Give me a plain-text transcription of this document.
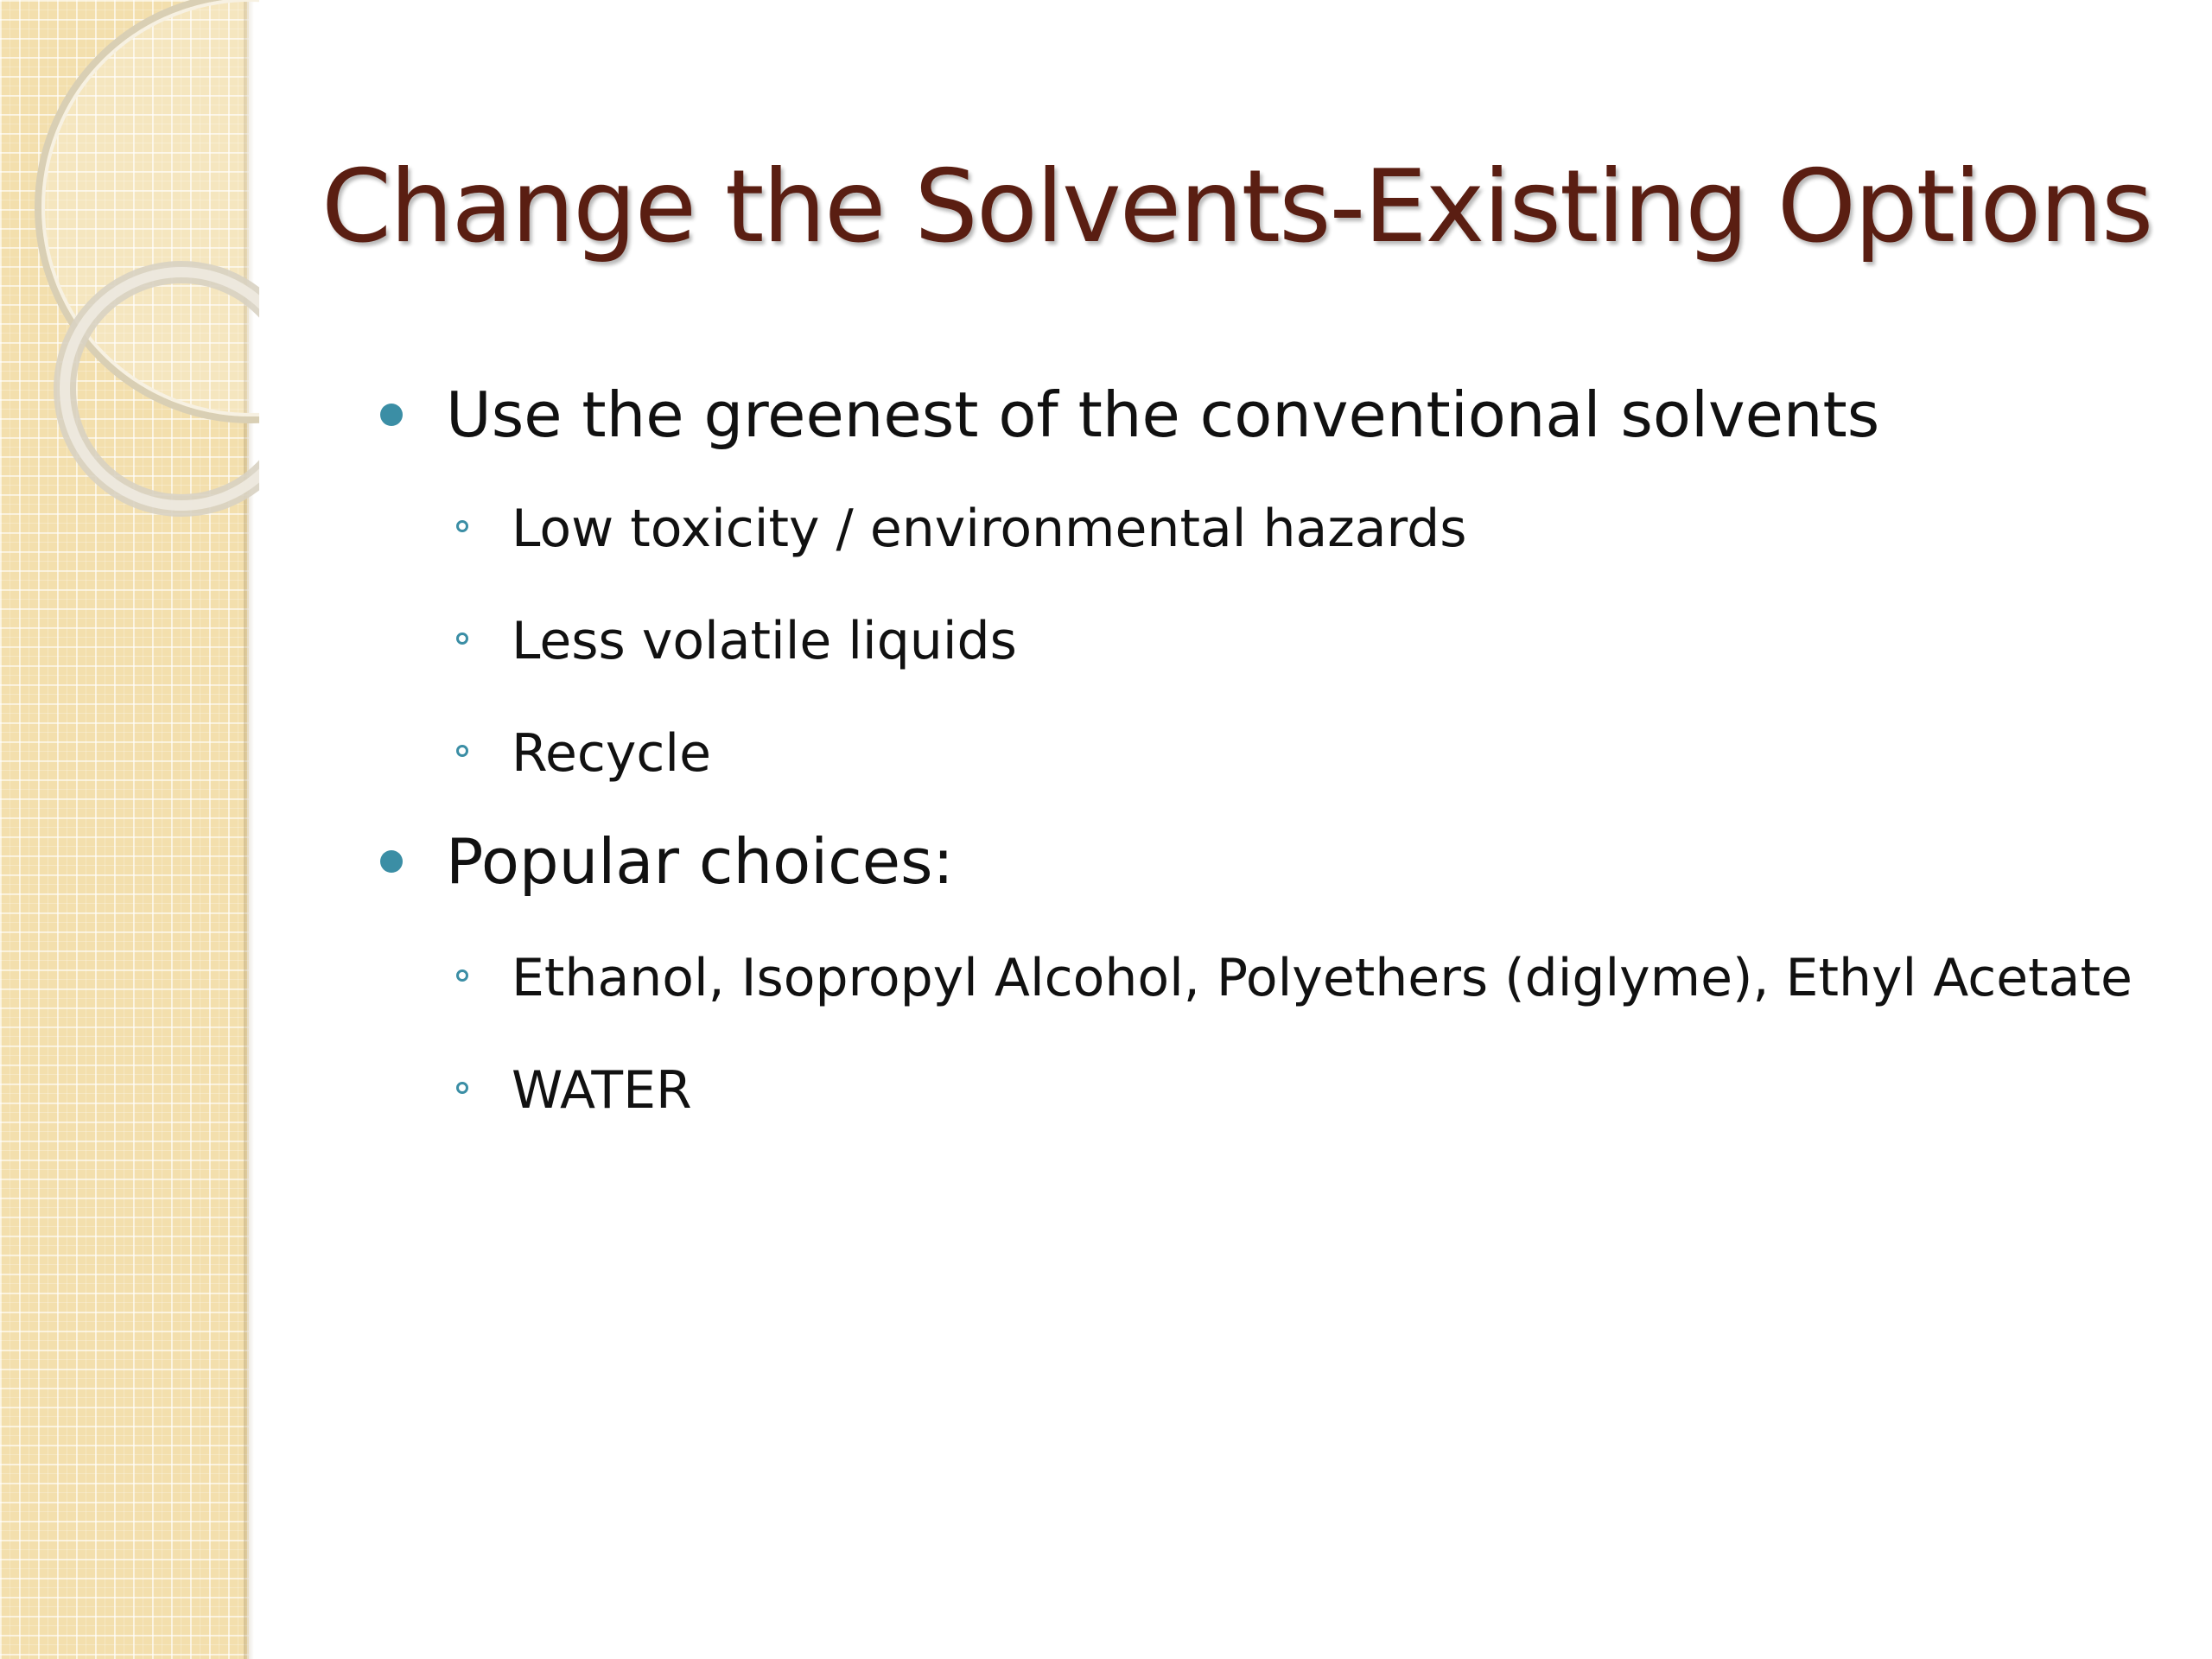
Change the Solvents-Existing Options
Use the greenest of the conventional solvents
Low toxicity / environmental hazards
Less volatile liquids
Recycle
Popular choices:
Ethanol, Isopropyl Alcohol, Polyethers (diglyme), Ethyl Acetate
WATER
